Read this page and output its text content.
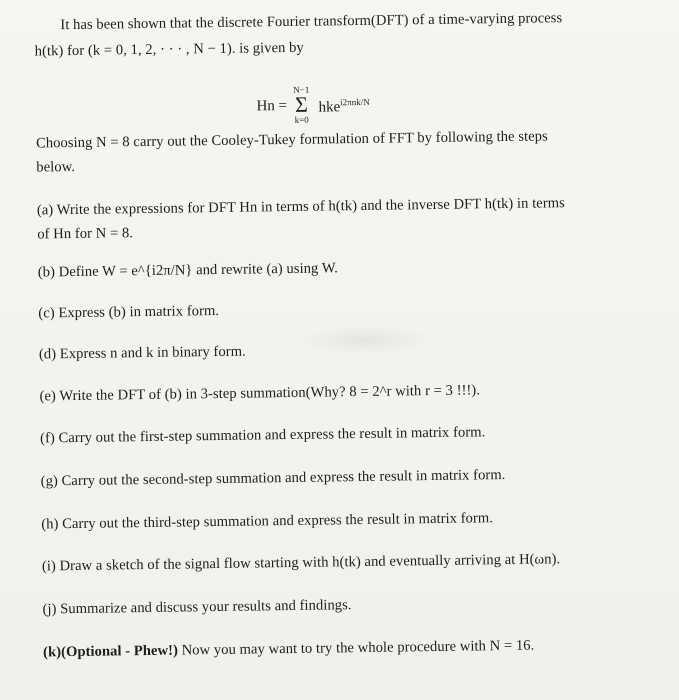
It has been shown that the discrete Fourier transform(DFT) of a time-varying process
h(tk) for (k = 0, 1, 2, · · · , N − 1). is given by
Hn =
N−1
Σ
k=0
hke$^{i2\pi nk/N}$
Choosing N = 8 carry out the Cooley-Tukey formulation of FFT by following the steps
below.
(a) Write the expressions for DFT Hn in terms of h(tk) and the inverse DFT h(tk) in terms
of Hn for N = 8.
(b) Define W = e^{i2π/N} and rewrite (a) using W.
(c) Express (b) in matrix form.
(d) Express n and k in binary form.
(e) Write the DFT of (b) in 3-step summation(Why? 8 = 2^r with r = 3 !!!).
(f) Carry out the first-step summation and express the result in matrix form.
(g) Carry out the second-step summation and express the result in matrix form.
(h) Carry out the third-step summation and express the result in matrix form.
(i) Draw a sketch of the signal flow starting with h(tk) and eventually arriving at H(ωn).
(j) Summarize and discuss your results and findings.
(k)(Optional - Phew!) Now you may want to try the whole procedure with N = 16.
